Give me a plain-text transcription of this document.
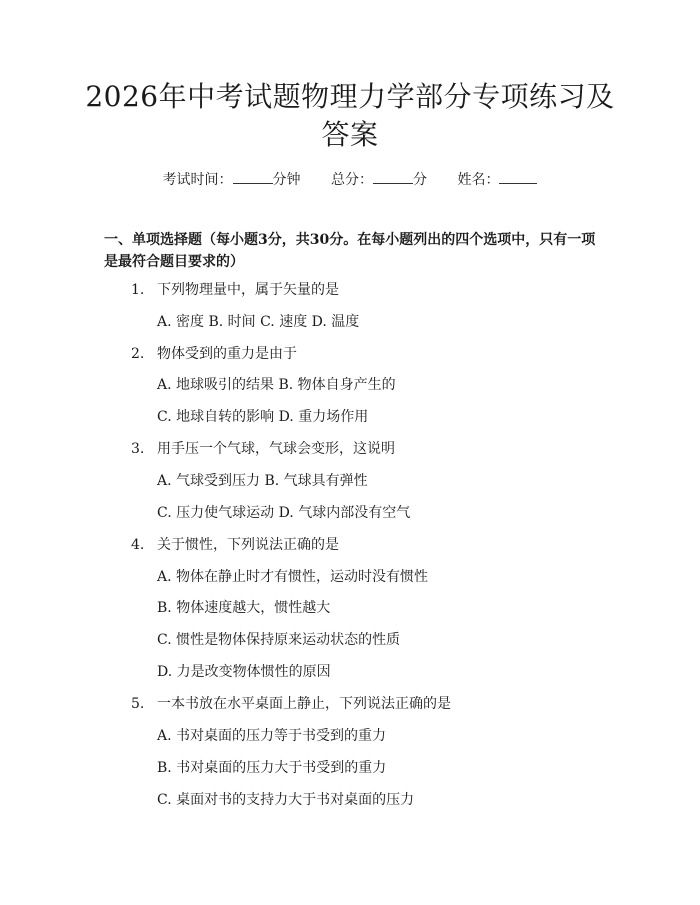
2026年中考试题物理力学部分专项练习及答案
考试时间：	分钟 总分：	分 姓名：

一、单项选择题（每小题3分，共30分。在每小题列出的四个选项中，只有一项是最符合题目要求的）

1. 下列物理量中，属于矢量的是
A. 密度 B. 时间 C. 速度 D. 温度
2. 物体受到的重力是由于
A. 地球吸引的结果 B. 物体自身产生的
C. 地球自转的影响 D. 重力场作用
3. 用手压一个气球，气球会变形，这说明
A. 气球受到压力 B. 气球具有弹性
C. 压力使气球运动 D. 气球内部没有空气
4. 关于惯性，下列说法正确的是
A. 物体在静止时才有惯性，运动时没有惯性
B. 物体速度越大，惯性越大
C. 惯性是物体保持原来运动状态的性质
D. 力是改变物体惯性的原因
5. 一本书放在水平桌面上静止，下列说法正确的是
A. 书对桌面的压力等于书受到的重力
B. 书对桌面的压力大于书受到的重力
C. 桌面对书的支持力大于书对桌面的压力
